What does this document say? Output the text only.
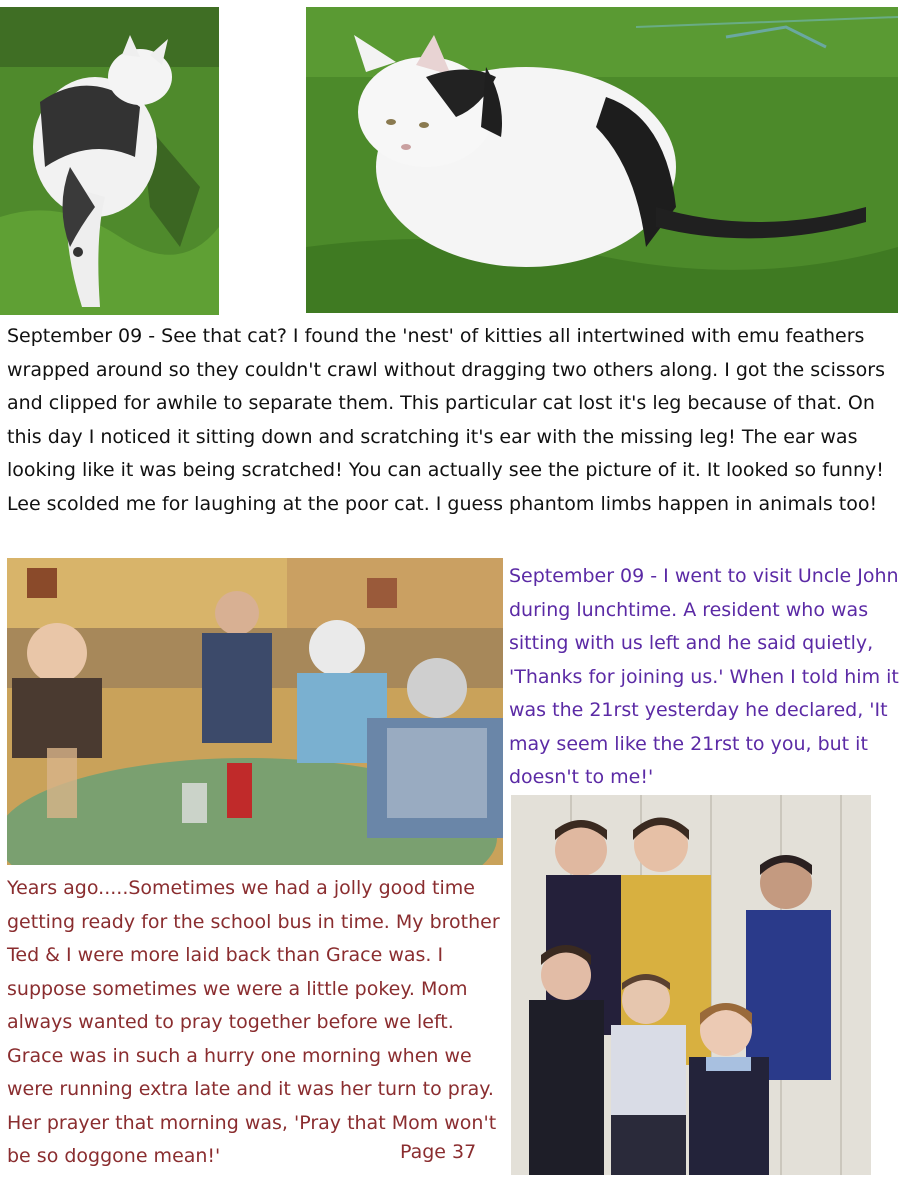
September 09 - See that cat? I found the 'nest' of kitties all intertwined with emu feathers wrapped around so they couldn't crawl without dragging two others along. I got the scissors and clipped for awhile to separate them. This particular cat lost it's leg because of that. On this day I noticed it sitting down and scratching it's ear with the missing leg! The ear was looking like it was being scratched! You can actually see the picture of it. It looked so funny! Lee scolded me for laughing at the poor cat. I guess phantom limbs happen in animals too!

September 09 - I went to visit Uncle John during lunchtime. A resident who was sitting with us left and he said quietly, 'Thanks for joining us.' When I told him it was the 21rst yesterday he declared, 'It may seem like the 21rst to you, but it doesn't to me!'

Years ago.....Sometimes we had a jolly good time getting ready for the school bus in time. My brother Ted & I were more laid back than Grace was. I suppose sometimes we were a little pokey. Mom always wanted to pray together before we left. Grace was in such a hurry one morning when we were running extra late and it was her turn to pray. Her prayer that morning was, 'Pray that Mom won't be so doggone mean!'	Page 37
